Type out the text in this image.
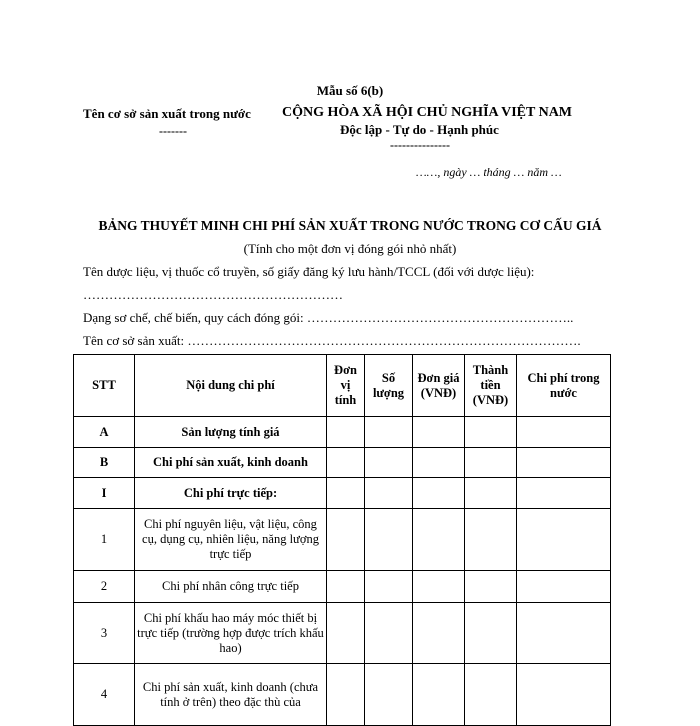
Mẫu số 6(b)
Tên cơ sở sản xuất trong nước
-------
CỘNG HÒA XÃ HỘI CHỦ NGHĨA VIỆT NAM
Độc lập - Tự do - Hạnh phúc
---------------
……, ngày … tháng … năm …
BẢNG THUYẾT MINH CHI PHÍ SẢN XUẤT TRONG NƯỚC TRONG CƠ CẤU GIÁ
(Tính cho một đơn vị đóng gói nhỏ nhất)
Tên dược liệu, vị thuốc cổ truyền, số giấy đăng ký lưu hành/TCCL (đối với dược liệu):
……………………………………………………
Dạng sơ chế, chế biến, quy cách đóng gói: ……………………………………………………..
Tên cơ sở sản xuất: ……………………………………………………………………………….
STT	Nội dung chi phí	Đơn vị tính	Số lượng	Đơn giá (VNĐ)	Thành tiền (VNĐ)	Chi phí trong nước
A	Sản lượng tính giá					
B	Chi phí sản xuất, kinh doanh					
I	Chi phí trực tiếp:					
1	Chi phí nguyên liệu, vật liệu, công cụ, dụng cụ, nhiên liệu, năng lượng trực tiếp					
2	Chi phí nhân công trực tiếp					
3	Chi phí khấu hao máy móc thiết bị trực tiếp (trường hợp được trích khấu hao)					
4	Chi phí sản xuất, kinh doanh (chưa tính ở trên) theo đặc thù của					
